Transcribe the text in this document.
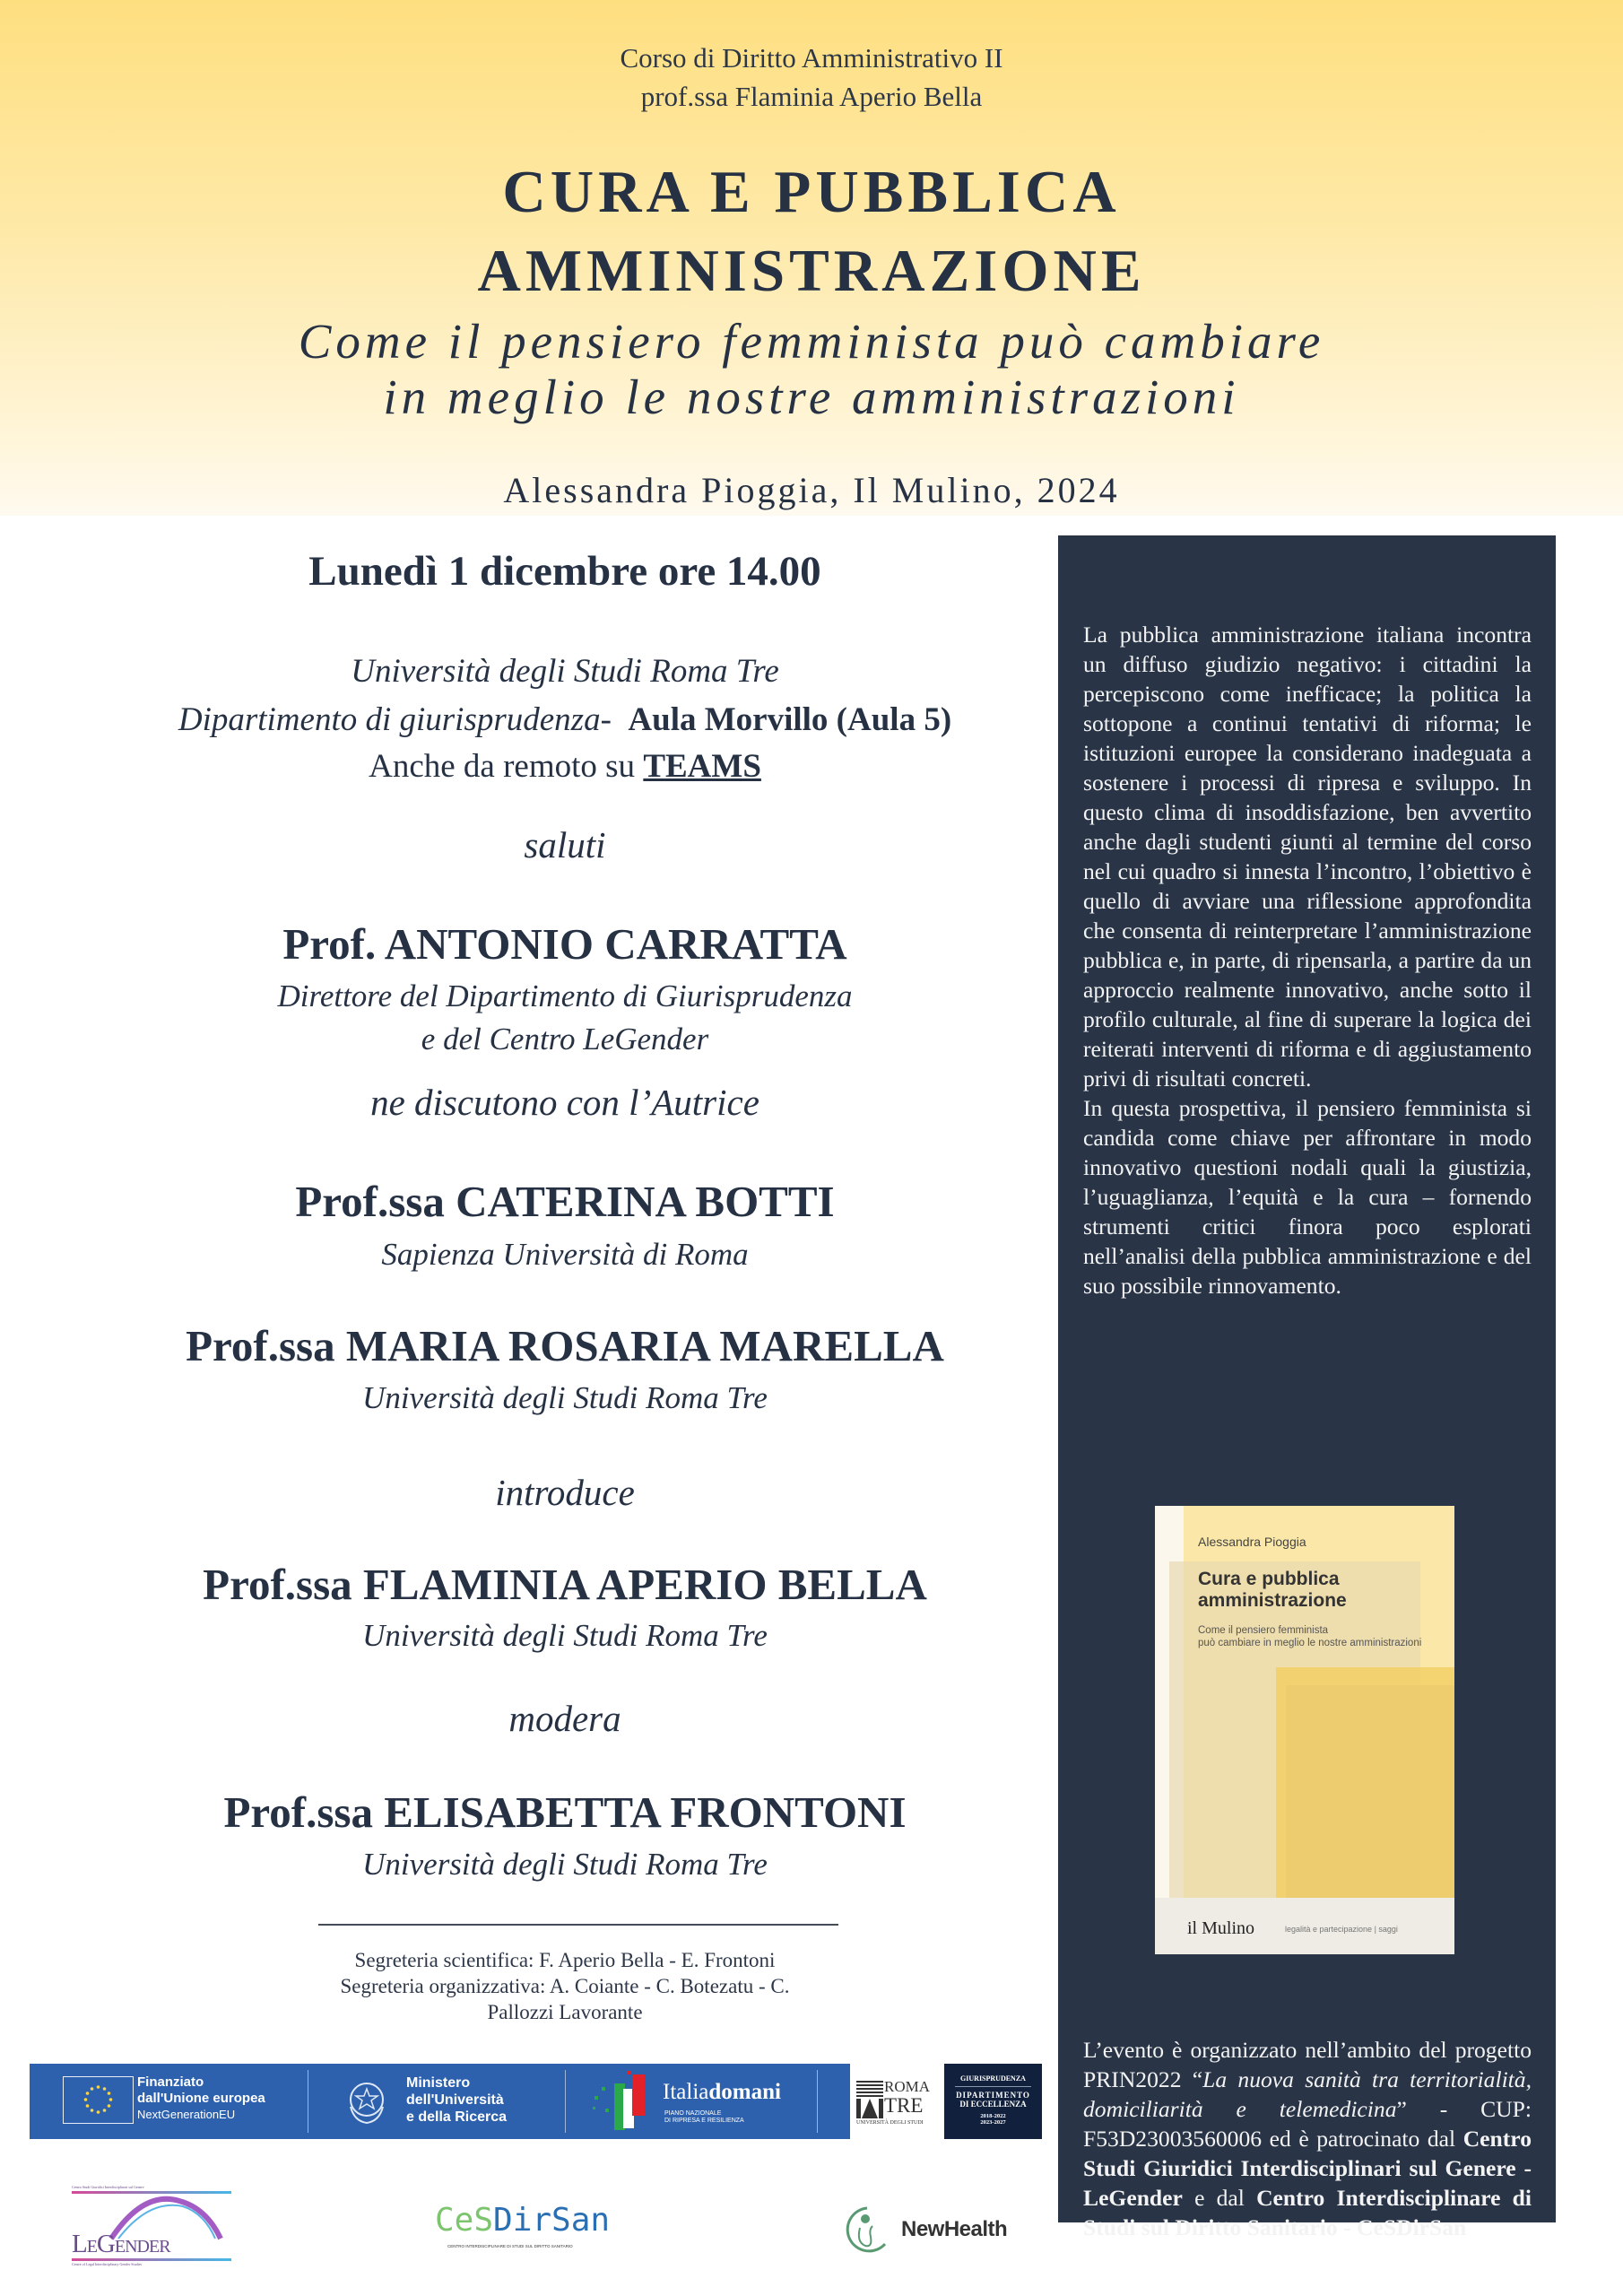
Corso di Diritto Amministrativo II
prof.ssa Flaminia Aperio Bella
CURA E PUBBLICA
AMMINISTRAZIONE
Come il pensiero femminista può cambiare
in meglio le nostre amministrazioni
Alessandra Pioggia, Il Mulino, 2024
Lunedì 1 dicembre ore 14.00
Università degli Studi Roma Tre
Dipartimento di giurisprudenza- Aula Morvillo (Aula 5)
Anche da remoto su TEAMS
saluti
Prof. ANTONIO CARRATTA
Direttore del Dipartimento di Giurisprudenza
e del Centro LeGender
ne discutono con l’Autrice
Prof.ssa CATERINA BOTTI
Sapienza Università di Roma
Prof.ssa MARIA ROSARIA MARELLA
Università degli Studi Roma Tre
introduce
Prof.ssa FLAMINIA APERIO BELLA
Università degli Studi Roma Tre
modera
Prof.ssa ELISABETTA FRONTONI
Università degli Studi Roma Tre
Segreteria scientifica: F. Aperio Bella - E. Frontoni
Segreteria organizzativa: A. Coiante - C. Botezatu - C.
Pallozzi Lavorante

La pubblica amministrazione italiana incontra un diffuso giudizio negativo: i cittadini la percepiscono come inefficace; la politica la sottopone a continui tentativi di riforma; le istituzioni europee la considerano inadeguata a sostenere i processi di ripresa e sviluppo. In questo clima di insoddisfazione, ben avvertito anche dagli studenti giunti al termine del corso nel cui quadro si innesta l’incontro, l’obiettivo è quello di avviare una riflessione approfondita che consenta di reinterpretare l’amministrazione pubblica e, in parte, di ripensarla, a partire da un approccio realmente innovativo, anche sotto il profilo culturale, al fine di superare la logica dei reiterati interventi di riforma e di aggiustamento privi di risultati concreti.

In questa prospettiva, il pensiero femminista si candida come chiave per affrontare in modo innovativo questioni nodali quali la giustizia, l’uguaglianza, l’equità e la cura – fornendo strumenti critici finora poco esplorati nell’analisi della pubblica amministrazione e del suo possibile rinnovamento.

Alessandra Pioggia
Cura e pubblica amministrazione
Come il pensiero femminista
può cambiare in meglio le nostre amministrazioni
il Mulino	legalità e partecipazione | saggi
L’evento è organizzato nell’ambito del progetto PRIN2022 “La nuova sanità tra territorialità, domiciliarità e telemedicina” - CUP: F53D23003560006 ed è patrocinato dal Centro Studi Giuridici Interdisciplinari sul Genere - LeGender e dal Centro Interdisciplinare di Studi sul Diritto Sanitario - CeSDirSan
Finanziato
dall'Unione europea
NextGenerationEU
Ministero
dell'Università
e della Ricerca
Italiadomani
PIANO NAZIONALE
DI RIPRESA E RESILIENZA
ROMA
TRE
UNIVERSITÀ DEGLI STUDI
GIURISPRUDENZA
DIPARTIMENTO
DI ECCELLENZA
2018-2022
2023-2027
Centro Studi Giuridici Interdisciplinari sul Genere
LeGender
Centre of Legal Interdisciplinary Gender Studies
CeSDirSan
CENTRO INTERDISCIPLINARE DI STUDI SUL DIRITTO SANITARIO
NewHealth
